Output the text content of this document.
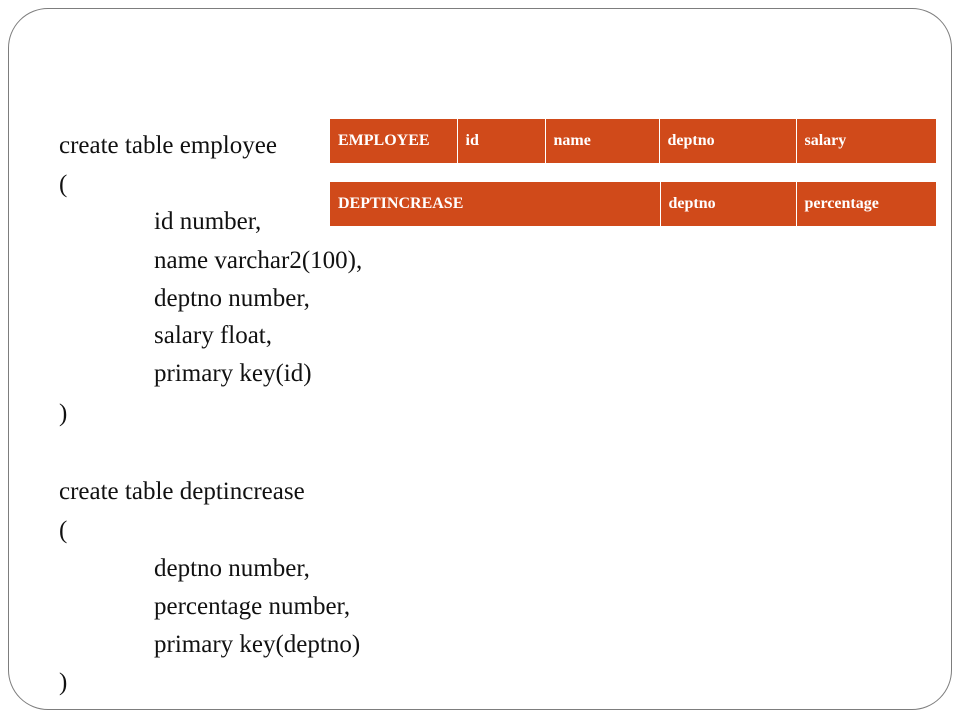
create table employee
(
id number,
name varchar2(100),
deptno number,
salary float,
primary key(id)
)
create table deptincrease
(
deptno number,
percentage number,
primary key(deptno)
)
EMPLOYEE	id	name	deptno	salary
DEPTINCREASE	deptno	percentage
